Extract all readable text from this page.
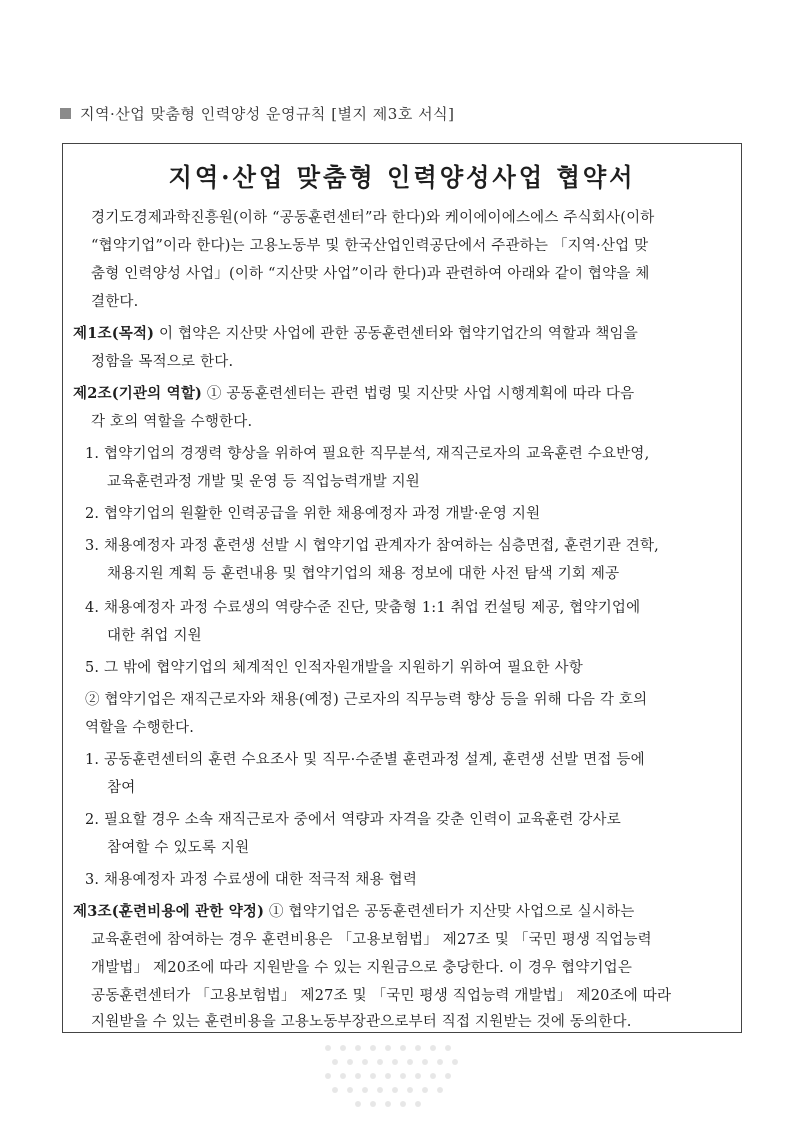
지역·산업 맞춤형 인력양성 운영규칙 [별지 제3호 서식]
지역·산업 맞춤형 인력양성사업 협약서
경기도경제과학진흥원(이하 “공동훈련센터”라 한다)와 케이에이에스에스 주식회사(이하
“협약기업”이라 한다)는 고용노동부 및 한국산업인력공단에서 주관하는 「지역·산업 맞
춤형 인력양성 사업」(이하 “지산맞 사업”이라 한다)과 관련하여 아래와 같이 협약을 체
결한다.
제1조(목적) 이 협약은 지산맞 사업에 관한 공동훈련센터와 협약기업간의 역할과 책임을
정함을 목적으로 한다.
제2조(기관의 역할) ① 공동훈련센터는 관련 법령 및 지산맞 사업 시행계획에 따라 다음
각 호의 역할을 수행한다.
1. 협약기업의 경쟁력 향상을 위하여 필요한 직무분석, 재직근로자의 교육훈련 수요반영,
교육훈련과정 개발 및 운영 등 직업능력개발 지원
2. 협약기업의 원활한 인력공급을 위한 채용예정자 과정 개발·운영 지원
3. 채용예정자 과정 훈련생 선발 시 협약기업 관계자가 참여하는 심층면접, 훈련기관 견학,
채용지원 계획 등 훈련내용 및 협약기업의 채용 정보에 대한 사전 탐색 기회 제공
4. 채용예정자 과정 수료생의 역량수준 진단, 맞춤형 1:1 취업 컨설팅 제공, 협약기업에
대한 취업 지원
5. 그 밖에 협약기업의 체계적인 인적자원개발을 지원하기 위하여 필요한 사항
② 협약기업은 재직근로자와 채용(예정) 근로자의 직무능력 향상 등을 위해 다음 각 호의
역할을 수행한다.
1. 공동훈련센터의 훈련 수요조사 및 직무·수준별 훈련과정 설계, 훈련생 선발 면접 등에
참여
2. 필요할 경우 소속 재직근로자 중에서 역량과 자격을 갖춘 인력이 교육훈련 강사로
참여할 수 있도록 지원
3. 채용예정자 과정 수료생에 대한 적극적 채용 협력
제3조(훈련비용에 관한 약정) ① 협약기업은 공동훈련센터가 지산맞 사업으로 실시하는
교육훈련에 참여하는 경우 훈련비용은 「고용보험법」 제27조 및 「국민 평생 직업능력
개발법」 제20조에 따라 지원받을 수 있는 지원금으로 충당한다. 이 경우 협약기업은
공동훈련센터가 「고용보험법」 제27조 및 「국민 평생 직업능력 개발법」 제20조에 따라
지원받을 수 있는 훈련비용을 고용노동부장관으로부터 직접 지원받는 것에 동의한다.
